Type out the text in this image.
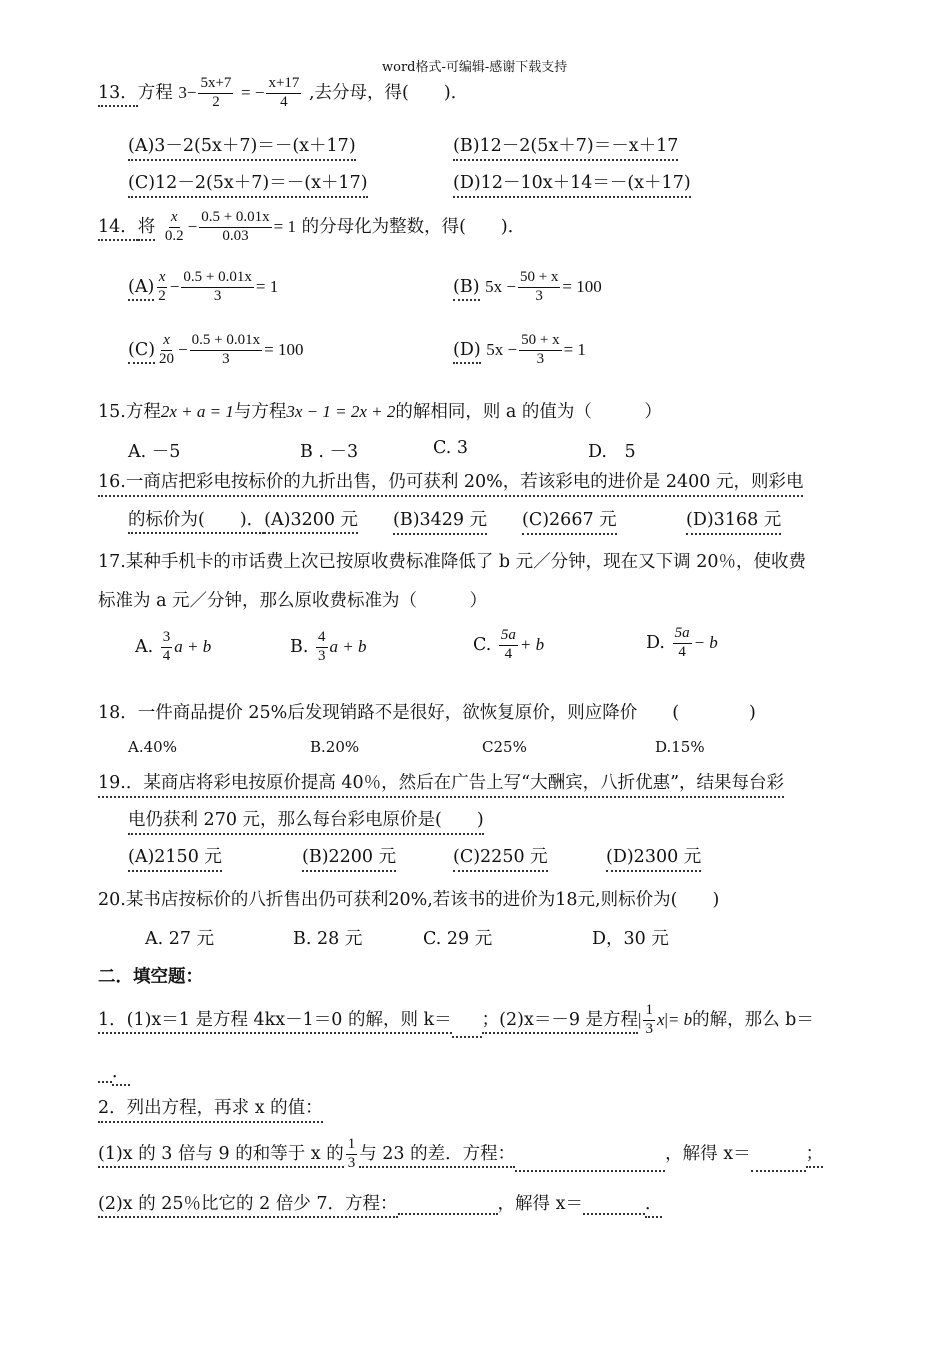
word格式-可编辑-感谢下载支持
13．方程 $3- \frac{5x+7}{2}$ = − $\frac{x+17}{4}$ ,去分母，得(　　)．
(A)3－2(5x＋7)＝－(x＋17)	(B)12－2(5x＋7)＝－x＋17
(C)12－2(5x＋7)＝－(x＋17)	(D)12－10x＋14＝－(x＋17)
14．将 $\frac{x}{0.2} - \frac{0.5 + 0.01x}{0.03} = 1$ 的分母化为整数，得(　　)．
$(A) \frac{x}{2} - \frac{0.5 + 0.01x}{3} = 1$	(B) $5x - \frac{50 + x}{3} = 100$
$(C) \frac{x}{20} - \frac{0.5 + 0.01x}{3} = 100$	(D) $5x - \frac{50 + x}{3} = 1$
15.方程2x + a = 1与方程3x − 1 = 2x + 2的解相同，则 a 的值为（　　　）
A. －5	B . －3	C. 3	D.　5
16.一商店把彩电按标价的九折出售，仍可获利 20%，若该彩电的进价是 2400 元，则彩电
的标价为(　　)．(A)3200 元 (B)3429 元 (C)2667 元	(D)3168 元
17.某种手机卡的市话费上次已按原收费标准降低了 b 元／分钟，现在又下调 20％，使收费
标准为 a 元／分钟，那么原收费标准为（　　　）
A. $\frac{3}{4}$ a + b	B. $\frac{4}{3}$ a + b	C. $\frac{5a}{4} + b$	D. $\frac{5a}{4} - b$
18．一件商品提价 25%后发现销路不是很好，欲恢复原价，则应降价　　(　　　　)
A.40%	B.20%	C25%	D.15%
19.．某商店将彩电按原价提高 40％，然后在广告上写“大酬宾，八折优惠”，结果每台彩
电仍获利 270 元，那么每台彩电原价是(　　)
(A)2150 元	(B)2200 元	(C)2250 元	(D)2300 元
20.某书店按标价的八折售出仍可获利20%,若该书的进价为18元,则标价为(　　)
A. 27 元	B. 28 元	C. 29 元	D，30 元
二．填空题：
1．(1)x＝1 是方程 4kx－1＝0 的解，则 k＝ ；(2)x＝－9 是方程| $\frac{1}{3} x|= b$的解，那么 b＝
．
2．列出方程，再求 x 的值：
(1)x 的 3 倍与 9 的和等于 x 的 $\frac{1}{3}$ 与 23 的差．方程：	，解得 x＝	；
(2)x 的 25％比它的 2 倍少 7．方程：	，解得 x＝	．
